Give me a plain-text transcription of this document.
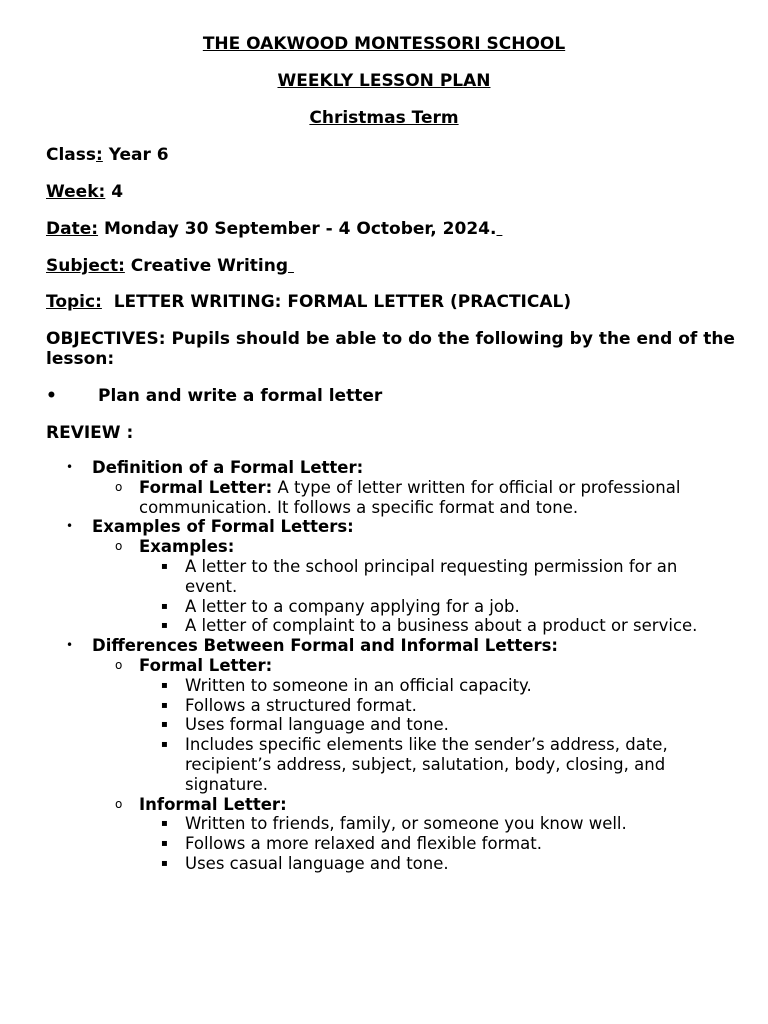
THE OAKWOOD MONTESSORI SCHOOL
WEEKLY LESSON PLAN
Christmas Term
Class: Year 6
Week: 4
Date: Monday 30 September - 4 October, 2024.
Subject: Creative Writing
Topic:  LETTER WRITING: FORMAL LETTER (PRACTICAL)
OBJECTIVES: Pupils should be able to do the following by the end of the lesson:
• Plan and write a formal letter
REVIEW :
• Definition of a Formal Letter:
o Formal Letter: A type of letter written for official or professional communication. It follows a specific format and tone.
• Examples of Formal Letters:
o Examples:
▪ A letter to the school principal requesting permission for an event.
▪ A letter to a company applying for a job.
▪ A letter of complaint to a business about a product or service.
• Differences Between Formal and Informal Letters:
o Formal Letter:
▪ Written to someone in an official capacity.
▪ Follows a structured format.
▪ Uses formal language and tone.
▪ Includes specific elements like the sender’s address, date, recipient’s address, subject, salutation, body, closing, and signature.
o Informal Letter:
▪ Written to friends, family, or someone you know well.
▪ Follows a more relaxed and flexible format.
▪ Uses casual language and tone.
